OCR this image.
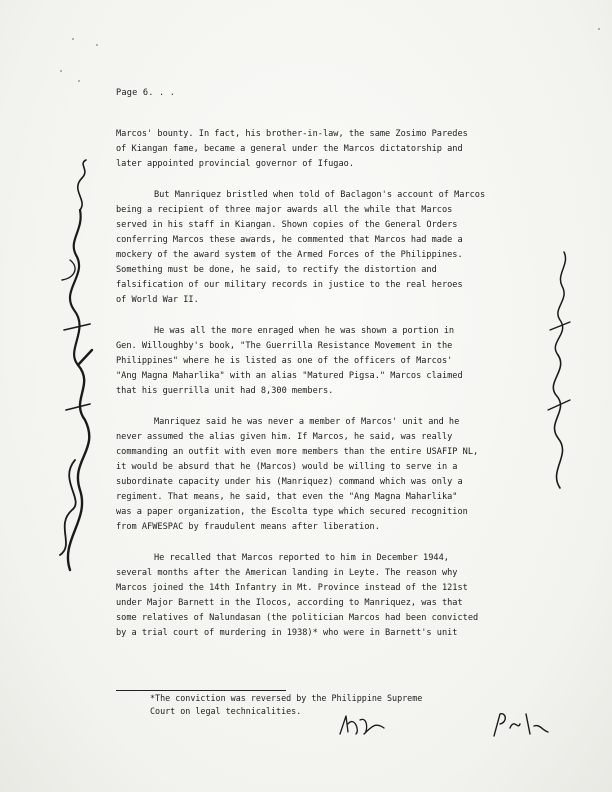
Page 6. . .

Marcos' bounty. In fact, his brother-in-law, the same Zosimo Paredes
of Kiangan fame, became a general under the Marcos dictatorship and
later appointed provincial governor of Ifugao.

But Manriquez bristled when told of Baclagon's account of Marcos
being a recipient of three major awards all the while that Marcos
served in his staff in Kiangan. Shown copies of the General Orders
conferring Marcos these awards, he commented that Marcos had made a
mockery of the award system of the Armed Forces of the Philippines.
Something must be done, he said, to rectify the distortion and
falsification of our military records in justice to the real heroes
of World War II.

He was all the more enraged when he was shown a portion in
Gen. Willoughby's book, "The Guerrilla Resistance Movement in the
Philippines" where he is listed as one of the officers of Marcos'
"Ang Magna Maharlika" with an alias "Matured Pigsa." Marcos claimed
that his guerrilla unit had 8,300 members.

Manriquez said he was never a member of Marcos' unit and he
never assumed the alias given him. If Marcos, he said, was really
commanding an outfit with even more members than the entire USAFIP NL,
it would be absurd that he (Marcos) would be willing to serve in a
subordinate capacity under his (Manriquez) command which was only a
regiment. That means, he said, that even the "Ang Magna Maharlika"
was a paper organization, the Escolta type which secured recognition
from AFWESPAC by fraudulent means after liberation.

He recalled that Marcos reported to him in December 1944,
several months after the American landing in Leyte. The reason why
Marcos joined the 14th Infantry in Mt. Province instead of the 121st
under Major Barnett in the Ilocos, according to Manriquez, was that
some relatives of Nalundasan (the politician Marcos had been convicted
by a trial court of murdering in 1938)* who were in Barnett's unit

*The conviction was reversed by the Philippine Supreme
Court on legal technicalities.
